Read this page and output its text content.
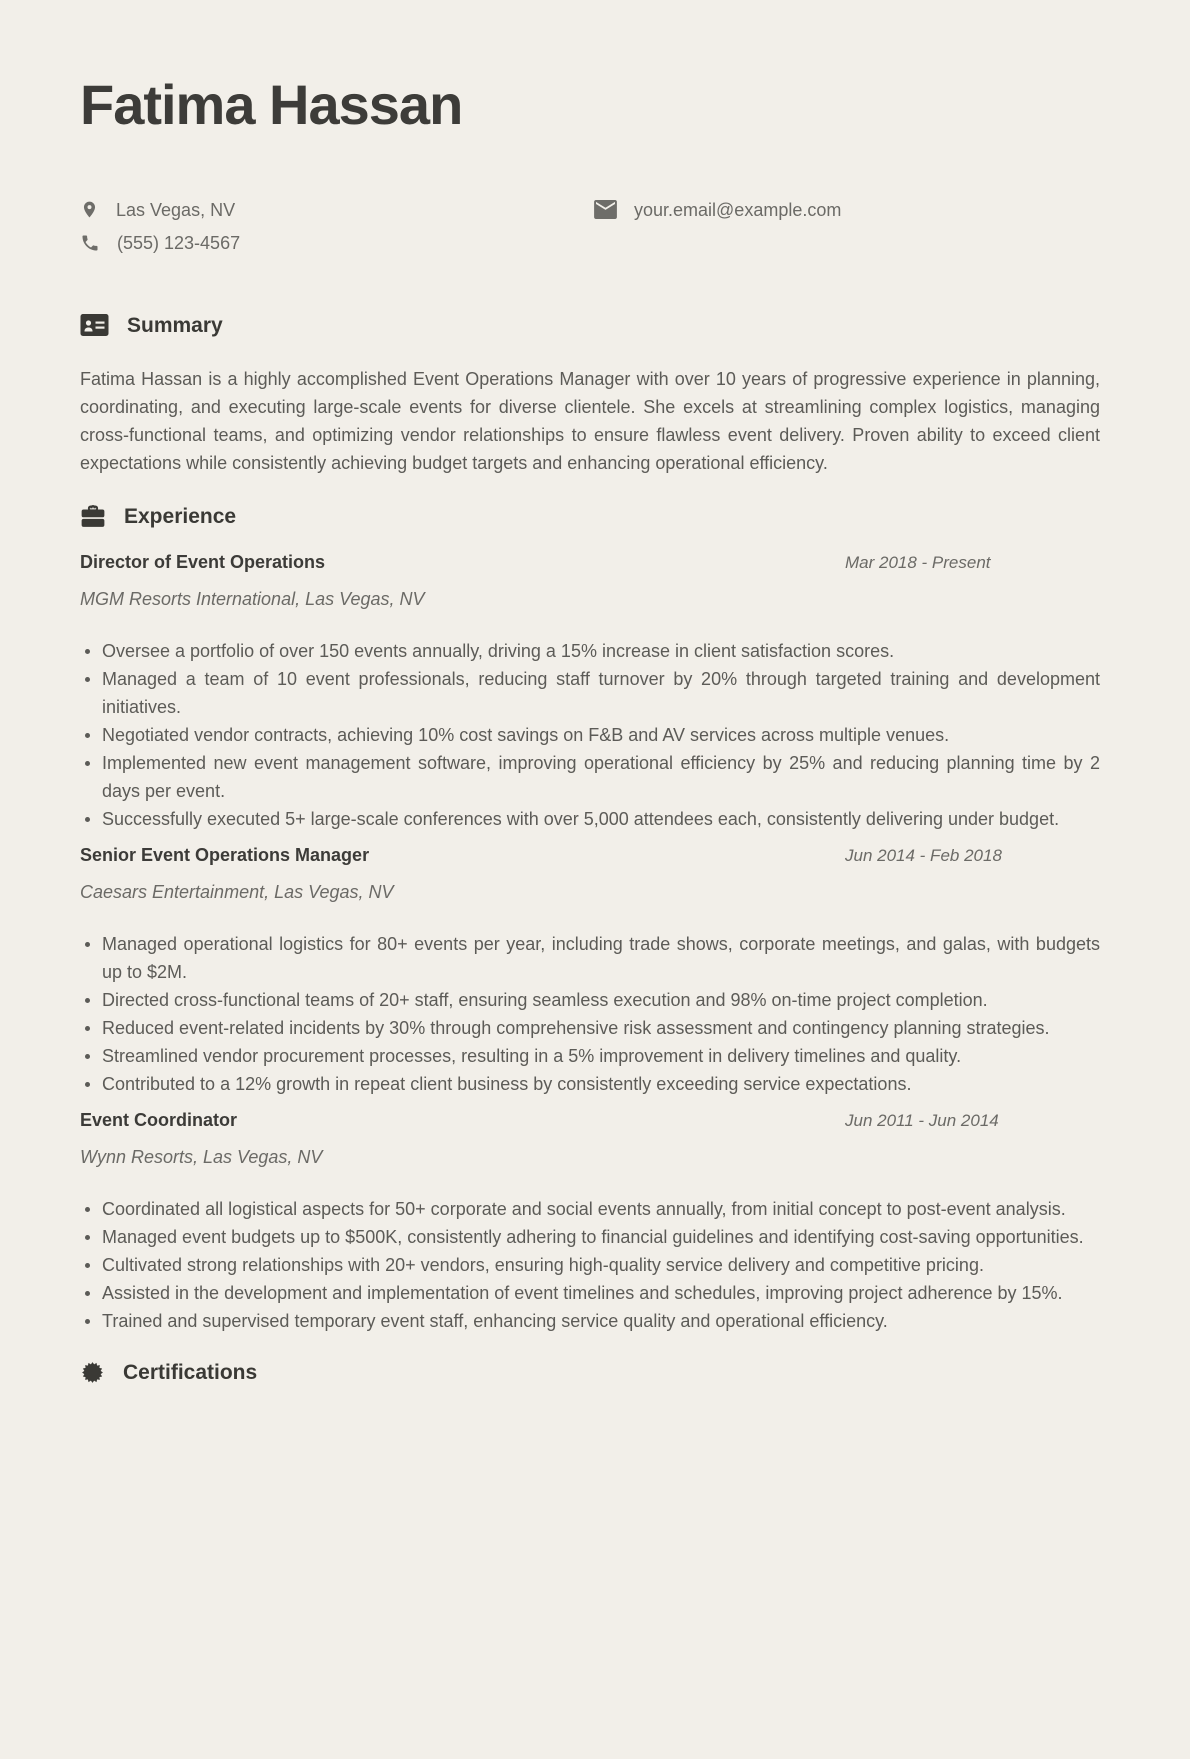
Fatima Hassan
Las Vegas, NV	your.email@example.com
(555) 123-4567
Summary

Fatima Hassan is a highly accomplished Event Operations Manager with over 10 years of progressive experience in planning, coordinating, and executing large-scale events for diverse clientele. She excels at streamlining complex logistics, managing cross-functional teams, and optimizing vendor relationships to ensure flawless event delivery. Proven ability to exceed client expectations while consistently achieving budget targets and enhancing operational efficiency.

Experience
Director of Event Operations	Mar 2018 - Present
MGM Resorts International, Las Vegas, NV
Oversee a portfolio of over 150 events annually, driving a 15% increase in client satisfaction scores.
Managed a team of 10 event professionals, reducing staff turnover by 20% through targeted training and development initiatives.
Negotiated vendor contracts, achieving 10% cost savings on F&B and AV services across multiple venues.
Implemented new event management software, improving operational efficiency by 25% and reducing planning time by 2 days per event.
Successfully executed 5+ large-scale conferences with over 5,000 attendees each, consistently delivering under budget.
Senior Event Operations Manager	Jun 2014 - Feb 2018
Caesars Entertainment, Las Vegas, NV
Managed operational logistics for 80+ events per year, including trade shows, corporate meetings, and galas, with budgets up to $2M.
Directed cross-functional teams of 20+ staff, ensuring seamless execution and 98% on-time project completion.
Reduced event-related incidents by 30% through comprehensive risk assessment and contingency planning strategies.
Streamlined vendor procurement processes, resulting in a 5% improvement in delivery timelines and quality.
Contributed to a 12% growth in repeat client business by consistently exceeding service expectations.
Event Coordinator	Jun 2011 - Jun 2014
Wynn Resorts, Las Vegas, NV
Coordinated all logistical aspects for 50+ corporate and social events annually, from initial concept to post-event analysis.
Managed event budgets up to $500K, consistently adhering to financial guidelines and identifying cost-saving opportunities.
Cultivated strong relationships with 20+ vendors, ensuring high-quality service delivery and competitive pricing.
Assisted in the development and implementation of event timelines and schedules, improving project adherence by 15%.
Trained and supervised temporary event staff, enhancing service quality and operational efficiency.
Certifications
